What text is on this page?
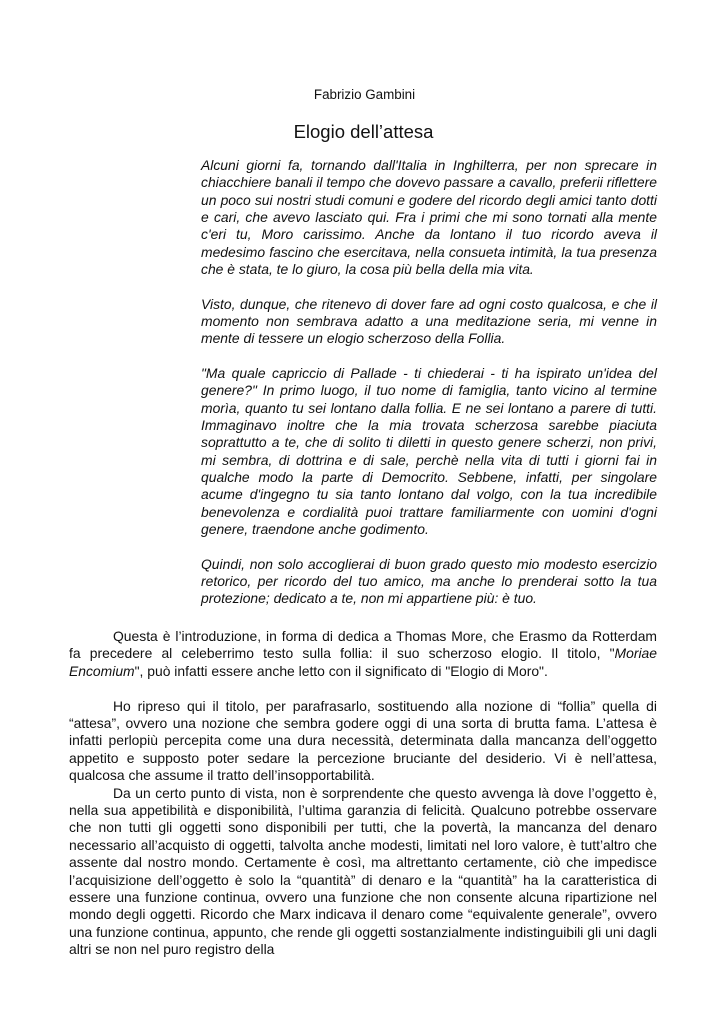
Fabrizio Gambini
Elogio dell’attesa

Alcuni giorni fa, tornando dall'Italia in Inghilterra, per non sprecare in chiacchiere banali il tempo che dovevo passare a cavallo, preferii riflettere un poco sui nostri studi comuni e godere del ricordo degli amici tanto dotti e cari, che avevo lasciato qui. Fra i primi che mi sono tornati alla mente c'eri tu, Moro carissimo. Anche da lontano il tuo ricordo aveva il medesimo fascino che esercitava, nella consueta intimità, la tua presenza che è stata, te lo giuro, la cosa più bella della mia vita.

Visto, dunque, che ritenevo di dover fare ad ogni costo qualcosa, e che il momento non sembrava adatto a una meditazione seria, mi venne in mente di tessere un elogio scherzoso della Follia.

"Ma quale capriccio di Pallade - ti chiederai - ti ha ispirato un'idea del genere?" In primo luogo, il tuo nome di famiglia, tanto vicino al termine morìa, quanto tu sei lontano dalla follia. E ne sei lontano a parere di tutti. Immaginavo inoltre che la mia trovata scherzosa sarebbe piaciuta soprattutto a te, che di solito ti diletti in questo genere scherzi, non privi, mi sembra, di dottrina e di sale, perchè nella vita di tutti i giorni fai in qualche modo la parte di Democrito. Sebbene, infatti, per singolare acume d'ingegno tu sia tanto lontano dal volgo, con la tua incredibile benevolenza e cordialità puoi trattare familiarmente con uomini d'ogni genere, traendone anche godimento.

Quindi, non solo accoglierai di buon grado questo mio modesto esercizio retorico, per ricordo del tuo amico, ma anche lo prenderai sotto la tua protezione; dedicato a te, non mi appartiene più: è tuo.

Questa è l’introduzione, in forma di dedica a Thomas More, che Erasmo da Rotterdam fa precedere al celeberrimo testo sulla follia: il suo scherzoso elogio. Il titolo, "Moriae Encomium", può infatti essere anche letto con il significato di "Elogio di Moro".

Ho ripreso qui il titolo, per parafrasarlo, sostituendo alla nozione di “follia” quella di “attesa”, ovvero una nozione che sembra godere oggi di una sorta di brutta fama. L’attesa è infatti perlopiù percepita come una dura necessità, determinata dalla mancanza dell’oggetto appetito e supposto poter sedare la percezione bruciante del desiderio. Vi è nell’attesa, qualcosa che assume il tratto dell’insopportabilità.

Da un certo punto di vista, non è sorprendente che questo avvenga là dove l’oggetto è, nella sua appetibilità e disponibilità, l’ultima garanzia di felicità. Qualcuno potrebbe osservare che non tutti gli oggetti sono disponibili per tutti, che la povertà, la mancanza del denaro necessario all’acquisto di oggetti, talvolta anche modesti, limitati nel loro valore, è tutt’altro che assente dal nostro mondo. Certamente è così, ma altrettanto certamente, ciò che impedisce l’acquisizione dell’oggetto è solo la “quantità” di denaro e la “quantità” ha la caratteristica di essere una funzione continua, ovvero una funzione che non consente alcuna ripartizione nel mondo degli oggetti. Ricordo che Marx indicava il denaro come “equivalente generale”, ovvero una funzione continua, appunto, che rende gli oggetti sostanzialmente indistinguibili gli uni dagli altri se non nel puro registro della
